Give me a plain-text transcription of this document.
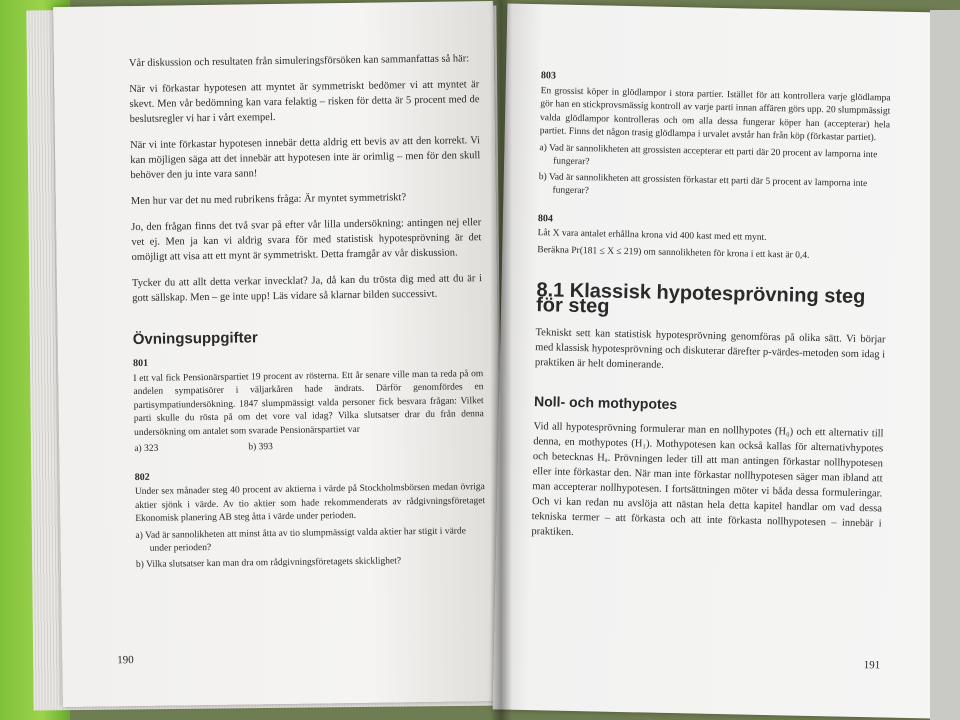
Vår diskussion och resultaten från simuleringsförsöken kan sammanfattas så här:

När vi förkastar hypotesen att myntet är symmetriskt bedömer vi att myntet är skevt. Men vår bedömning kan vara felaktig – risken för detta är 5 procent med de beslutsregler vi har i vårt exempel.

När vi inte förkastar hypotesen innebär detta aldrig ett bevis av att den korrekt. Vi kan möjligen säga att det innebär att hypotesen inte är orimlig – men för den skull behöver den ju inte vara sann!

Men hur var det nu med rubrikens fråga: Är myntet symmetriskt?

Jo, den frågan finns det två svar på efter vår lilla undersökning: antingen nej eller vet ej. Men ja kan vi aldrig svara för med statistisk hypotesprövning är det omöjligt att visa att ett mynt är symmetriskt. Detta framgår av vår diskussion.

Tycker du att allt detta verkar invecklat? Ja, då kan du trösta dig med att du är i gott sällskap. Men – ge inte upp! Läs vidare så klarnar bilden successivt.

Övningsuppgifter
801

I ett val fick Pensionärspartiet 19 procent av rösterna. Ett år senare ville man ta reda på om andelen sympatisörer i väljarkåren hade ändrats. Därför genomfördes en partisympatiundersökning. 1847 slumpmässigt valda personer fick besvara frågan: Vilket parti skulle du rösta på om det vore val idag? Vilka slutsatser drar du från denna undersökning om antalet som svarade Pensionärspartiet var

a) 323	b) 393
802

Under sex månader steg 40 procent av aktierna i värde på Stockholmsbörsen medan övriga aktier sjönk i värde. Av tio aktier som hade rekommenderats av rådgivningsföretaget Ekonomisk planering AB steg åtta i värde under perioden.

a) Vad är sannolikheten att minst åtta av tio slumpmässigt valda aktier har stigit i värde under perioden?
b) Vilka slutsatser kan man dra om rådgivningsföretagets skicklighet?
190
803

En grossist köper in glödlampor i stora partier. Istället för att kontrollera varje glödlampa gör han en stickprovsmässig kontroll av varje parti innan affären görs upp. 20 slumpmässigt valda glödlampor kontrolleras och om alla dessa fungerar köper han (accepterar) hela partiet. Finns det någon trasig glödlampa i urvalet avstår han från köp (förkastar partiet).

a) Vad är sannolikheten att grossisten accepterar ett parti där 20 procent av lamporna inte fungerar?
b) Vad är sannolikheten att grossisten förkastar ett parti där 5 procent av lamporna inte fungerar?
804

Låt X vara antalet erhållna krona vid 400 kast med ett mynt.

Beräkna Pr(181 ≤ X ≤ 219) om sannolikheten för krona i ett kast är 0,4.

8.1 Klassisk hypotesprövning steg för steg

Tekniskt sett kan statistisk hypotesprövning genomföras på olika sätt. Vi börjar med klassisk hypotesprövning och diskuterar därefter p-värdes-metoden som idag i praktiken är helt dominerande.

Noll- och mothypotes

Vid all hypotesprövning formulerar man en nollhypotes (H₀) och ett alternativ till denna, en mothypotes (H₁). Mothypotesen kan också kallas för alternativhypotes och betecknas Hₐ. Prövningen leder till att man antingen förkastar nollhypotesen eller inte förkastar den. När man inte förkastar nollhypotesen säger man ibland att man accepterar nollhypotesen. I fortsättningen möter vi båda dessa formuleringar. Och vi kan redan nu avslöja att nästan hela detta kapitel handlar om vad dessa tekniska termer – att förkasta och att inte förkasta nollhypotesen – innebär i praktiken.

191
